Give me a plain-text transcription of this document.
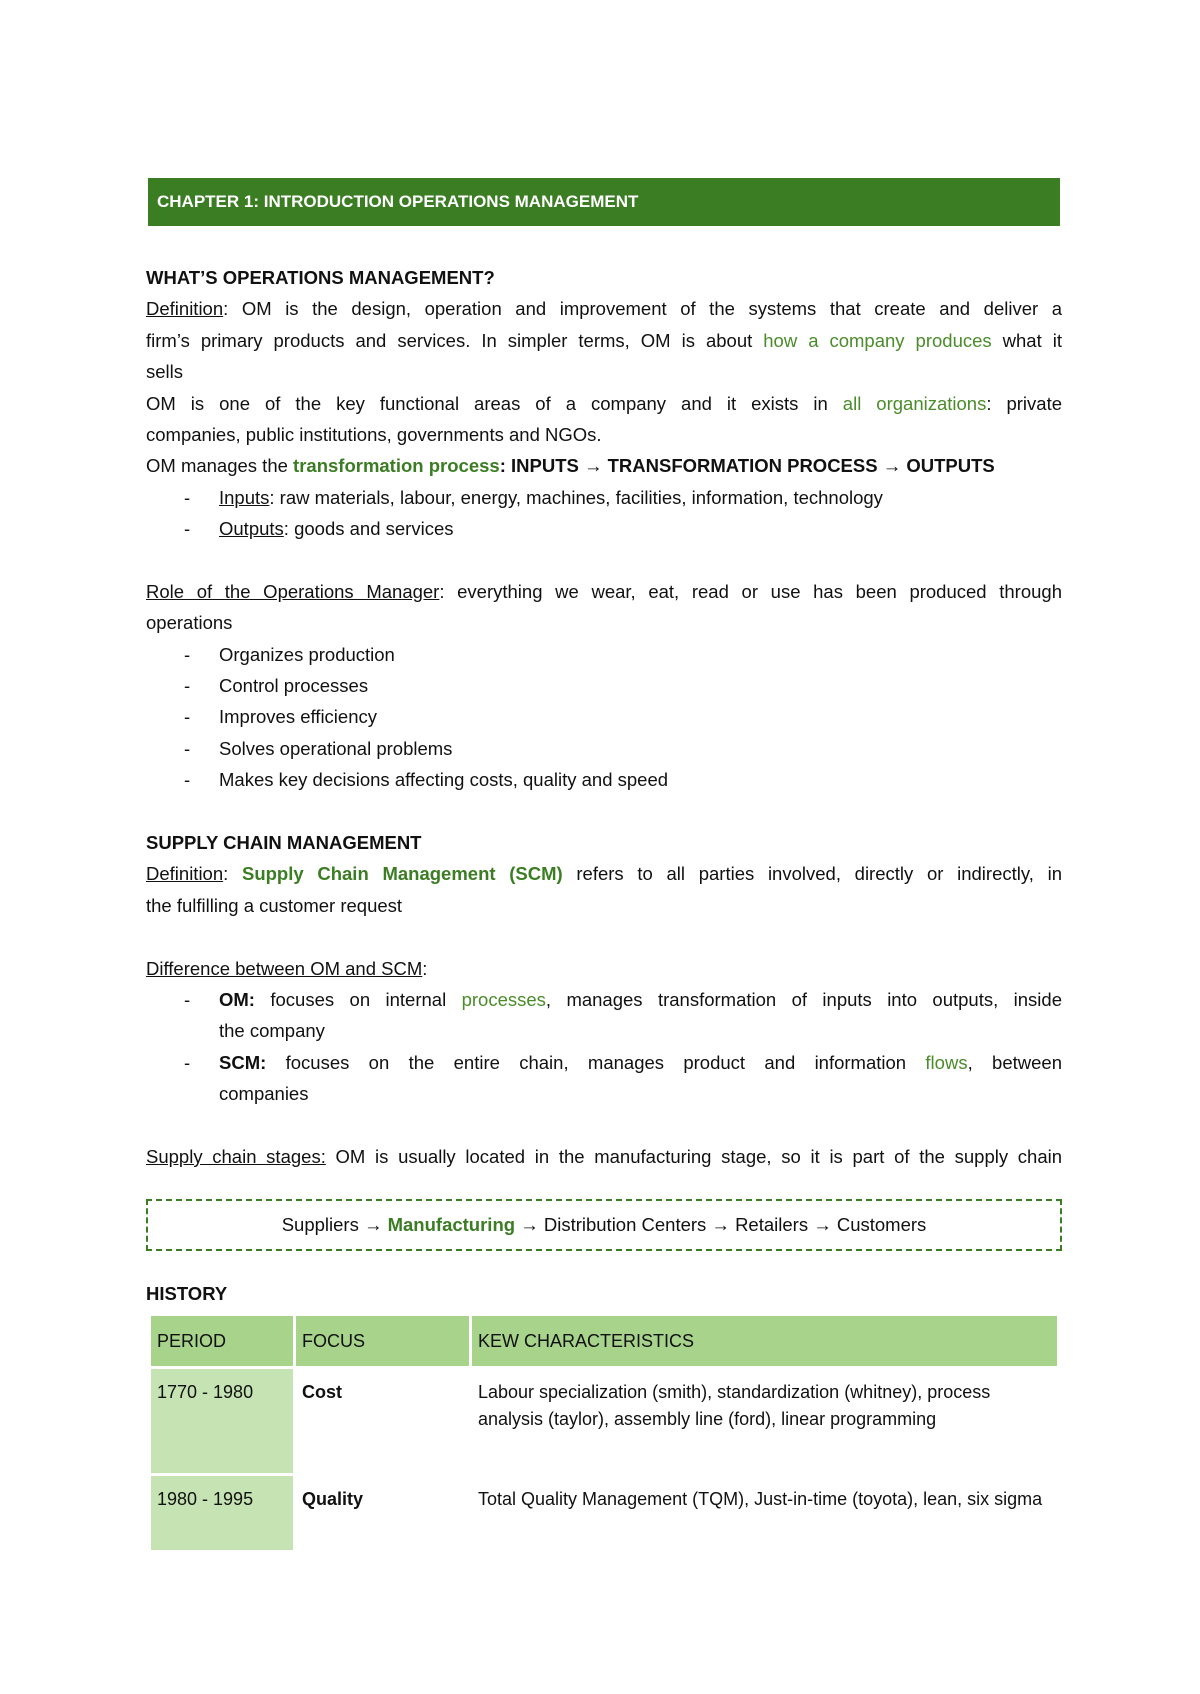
CHAPTER 1: INTRODUCTION OPERATIONS MANAGEMENT
WHAT’S OPERATIONS MANAGEMENT?
Definition: OM is the design, operation and improvement of the systems that create and deliver a
firm’s primary products and services. In simpler terms, OM is about how a company produces what it
sells
OM is one of the key functional areas of a company and it exists in all organizations: private
companies, public institutions, governments and NGOs.
OM manages the transformation process: INPUTS → TRANSFORMATION PROCESS → OUTPUTS
- Inputs: raw materials, labour, energy, machines, facilities, information, technology
- Outputs: goods and services
Role of the Operations Manager: everything we wear, eat, read or use has been produced through
operations
- Organizes production
- Control processes
- Improves efficiency
- Solves operational problems
- Makes key decisions affecting costs, quality and speed
SUPPLY CHAIN MANAGEMENT
Definition: Supply Chain Management (SCM) refers to all parties involved, directly or indirectly, in
the fulfilling a customer request
Difference between OM and SCM:
- OM: focuses on internal processes, manages transformation of inputs into outputs, inside
the company
- SCM: focuses on the entire chain, manages product and information flows, between
companies
Supply chain stages: OM is usually located in the manufacturing stage, so it is part of the supply chain
Suppliers → Manufacturing → Distribution Centers → Retailers → Customers
HISTORY
PERIOD	FOCUS	KEW CHARACTERISTICS
1770 - 1980	Cost	Labour specialization (smith), standardization (whitney), process analysis (taylor), assembly line (ford), linear programming
1980 - 1995	Quality	Total Quality Management (TQM), Just-in-time (toyota), lean, six sigma
